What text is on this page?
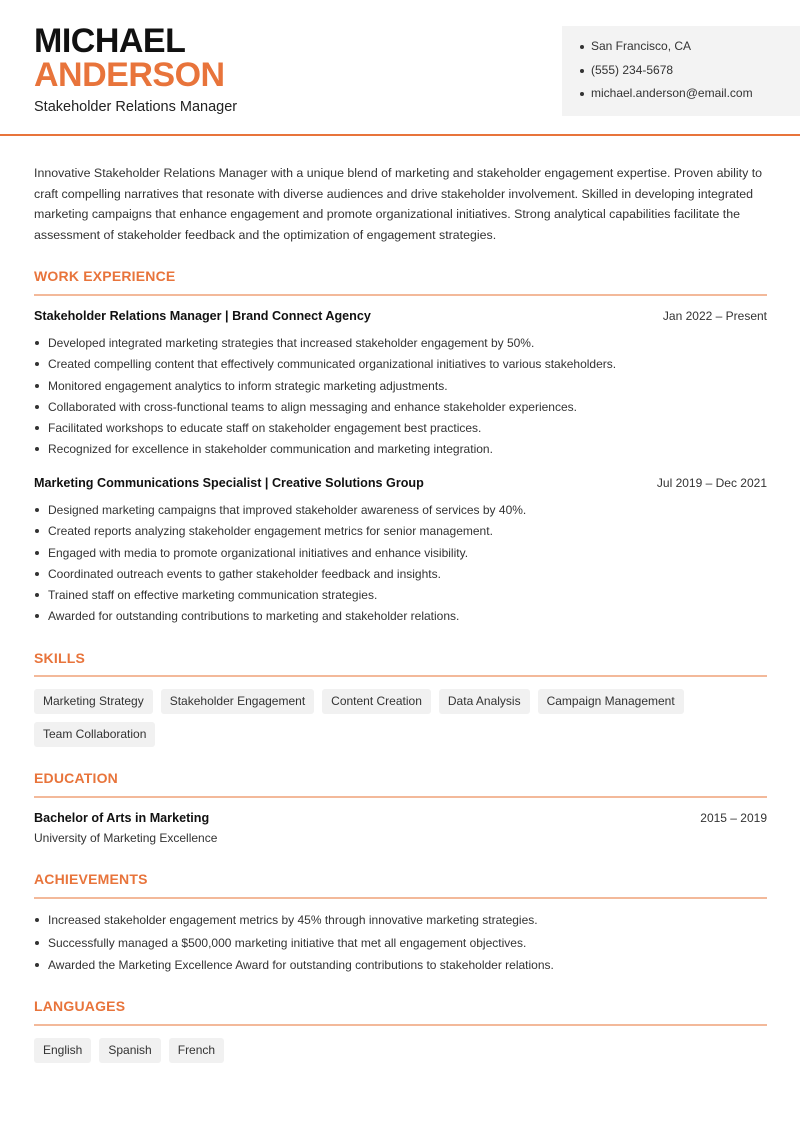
MICHAEL
ANDERSON
Stakeholder Relations Manager
San Francisco, CA
(555) 234-5678
michael.anderson@email.com

Innovative Stakeholder Relations Manager with a unique blend of marketing and stakeholder engagement expertise. Proven ability to craft compelling narratives that resonate with diverse audiences and drive stakeholder involvement. Skilled in developing integrated marketing campaigns that enhance engagement and promote organizational initiatives. Strong analytical capabilities facilitate the assessment of stakeholder feedback and the optimization of engagement strategies.

WORK EXPERIENCE
Stakeholder Relations Manager | Brand Connect Agency	Jan 2022 – Present
Developed integrated marketing strategies that increased stakeholder engagement by 50%.
Created compelling content that effectively communicated organizational initiatives to various stakeholders.
Monitored engagement analytics to inform strategic marketing adjustments.
Collaborated with cross-functional teams to align messaging and enhance stakeholder experiences.
Facilitated workshops to educate staff on stakeholder engagement best practices.
Recognized for excellence in stakeholder communication and marketing integration.
Marketing Communications Specialist | Creative Solutions Group	Jul 2019 – Dec 2021
Designed marketing campaigns that improved stakeholder awareness of services by 40%.
Created reports analyzing stakeholder engagement metrics for senior management.
Engaged with media to promote organizational initiatives and enhance visibility.
Coordinated outreach events to gather stakeholder feedback and insights.
Trained staff on effective marketing communication strategies.
Awarded for outstanding contributions to marketing and stakeholder relations.
SKILLS
Marketing Strategy	Stakeholder Engagement	Content Creation	Data Analysis	Campaign Management
Team Collaboration
EDUCATION
Bachelor of Arts in Marketing	2015 – 2019
University of Marketing Excellence
ACHIEVEMENTS
Increased stakeholder engagement metrics by 45% through innovative marketing strategies.
Successfully managed a $500,000 marketing initiative that met all engagement objectives.
Awarded the Marketing Excellence Award for outstanding contributions to stakeholder relations.
LANGUAGES
English	Spanish	French
